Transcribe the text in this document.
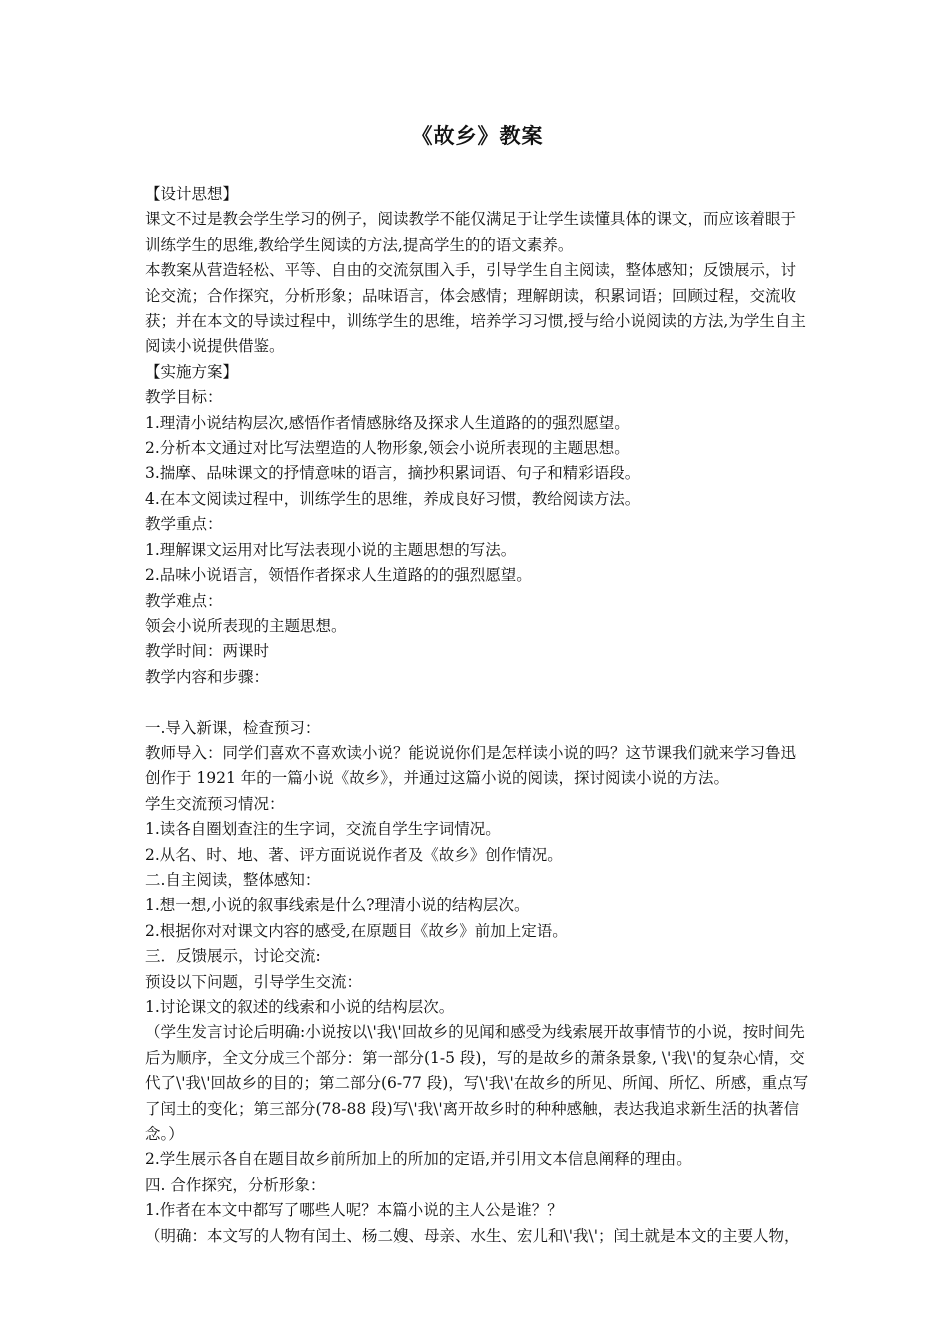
《故乡》教案
【设计思想】
课文不过是教会学生学习的例子，阅读教学不能仅满足于让学生读懂具体的课文，而应该着眼于训练学生的思维,教给学生阅读的方法,提高学生的的语文素养。
本教案从营造轻松、平等、自由的交流氛围入手，引导学生自主阅读，整体感知；反馈展示，讨论交流；合作探究，分析形象；品味语言，体会感情；理解朗读，积累词语；回顾过程，交流收获；并在本文的导读过程中，训练学生的思维，培养学习习惯,授与给小说阅读的方法,为学生自主阅读小说提供借鉴。
【实施方案】
教学目标：
1.理清小说结构层次,感悟作者情感脉络及探求人生道路的的强烈愿望。
2.分析本文通过对比写法塑造的人物形象,领会小说所表现的主题思想。
3.揣摩、品味课文的抒情意味的语言，摘抄积累词语、句子和精彩语段。
4.在本文阅读过程中，训练学生的思维，养成良好习惯，教给阅读方法。
教学重点：
1.理解课文运用对比写法表现小说的主题思想的写法。
2.品味小说语言，领悟作者探求人生道路的的强烈愿望。
教学难点：
领会小说所表现的主题思想。
教学时间：两课时
教学内容和步骤：
一.导入新课，检查预习：
教师导入：同学们喜欢不喜欢读小说？能说说你们是怎样读小说的吗？这节课我们就来学习鲁迅创作于 1921 年的一篇小说《故乡》，并通过这篇小说的阅读，探讨阅读小说的方法。
学生交流预习情况：
1.读各自圈划查注的生字词，交流自学生字词情况。
2.从名、时、地、著、评方面说说作者及《故乡》创作情况。
二.自主阅读，整体感知：
1.想一想,小说的叙事线索是什么?理清小说的结构层次。
2.根据你对对课文内容的感受,在原题目《故乡》前加上定语。
三．反馈展示，讨论交流:
预设以下问题，引导学生交流：
1.讨论课文的叙述的线索和小说的结构层次。
（学生发言讨论后明确:小说按以\'我\'回故乡的见闻和感受为线索展开故事情节的小说，按时间先后为顺序，全文分成三个部分：第一部分(1-5 段)，写的是故乡的萧条景象, \'我\'的复杂心情，交代了\'我\'回故乡的目的；第二部分(6-77 段)，写\'我\'在故乡的所见、所闻、所忆、所感，重点写了闰土的变化；第三部分(78-88 段)写\'我\'离开故乡时的种种感触，表达我追求新生活的执著信念。）
2.学生展示各自在题目故乡前所加上的所加的定语,并引用文本信息阐释的理由。
四. 合作探究，分析形象：
1.作者在本文中都写了哪些人呢？本篇小说的主人公是谁？？
（明确：本文写的人物有闰土、杨二嫂、母亲、水生、宏儿和\'我\'；闰土就是本文的主要人物，
